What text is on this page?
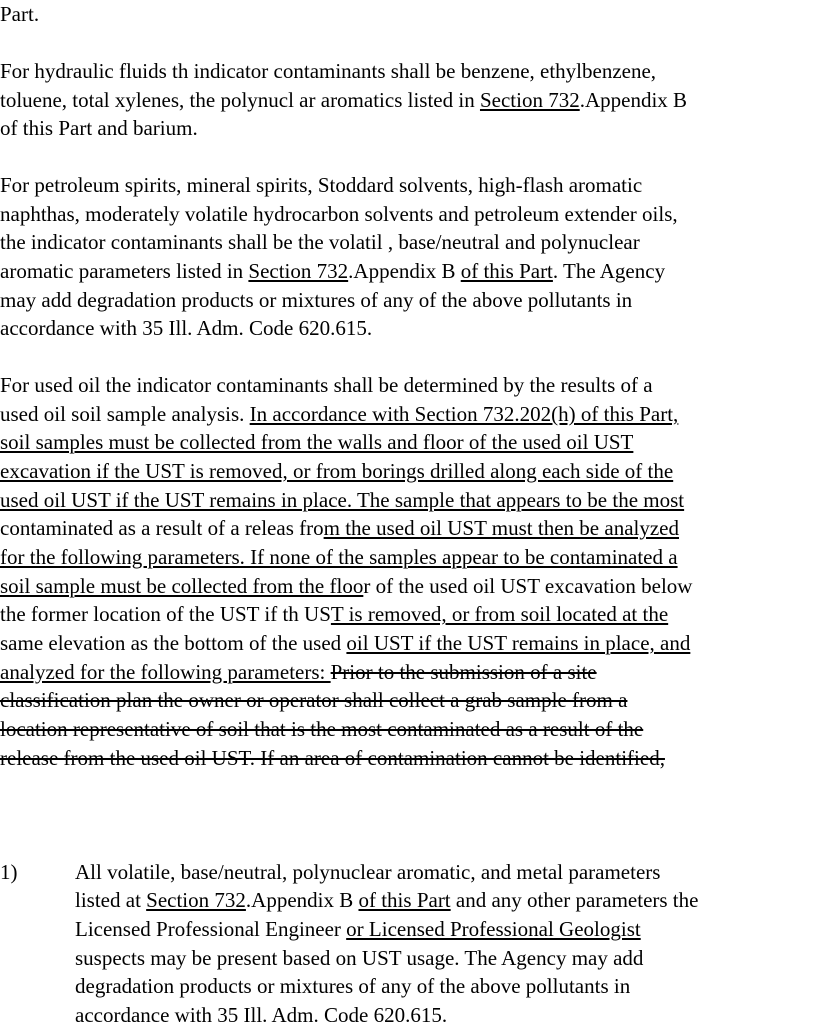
Part.
For hydraulic fluids th indicator contaminants shall be benzene, ethylbenzene,
toluene, total xylenes, the polynucl ar aromatics listed in Section 732.Appendix B
of this Part and barium.
For petroleum spirits, mineral spirits, Stoddard solvents, high-flash aromatic
naphthas, moderately volatile hydrocarbon solvents and petroleum extender oils,
the indicator contaminants shall be the volatil , base/neutral and polynuclear
aromatic parameters listed in Section 732.Appendix B of this Part. The Agency
may add degradation products or mixtures of any of the above pollutants in
accordance with 35 Ill. Adm. Code 620.615.
For used oil the indicator contaminants shall be determined by the results of a
used oil soil sample analysis. In accordance with Section 732.202(h) of this Part,
soil samples must be collected from the walls and floor of the used oil UST
excavation if the UST is removed, or from borings drilled along each side of the
used oil UST if the UST remains in place. The sample that appears to be the most
contaminated as a result of a releas from the used oil UST must then be analyzed
for the following parameters. If none of the samples appear to be contaminated a
soil sample must be collected from the floor of the used oil UST excavation below
the former location of the UST if th UST is removed, or from soil located at the
same elevation as the bottom of the used oil UST if the UST remains in place, and
analyzed for the following parameters: Prior to the submission of a site
classification plan the owner or operator shall collect a grab sample from a
location representative of soil that is the most contaminated as a result of the
release from the used oil UST. If an area of contamination cannot be identified,
1)	All volatile, base/neutral, polynuclear aromatic, and metal parameters
listed at Section 732.Appendix B of this Part and any other parameters the
Licensed Professional Engineer or Licensed Professional Geologist
suspects may be present based on UST usage. The Agency may add
degradation products or mixtures of any of the above pollutants in
accordance with 35 Ill. Adm. Code 620.615.
